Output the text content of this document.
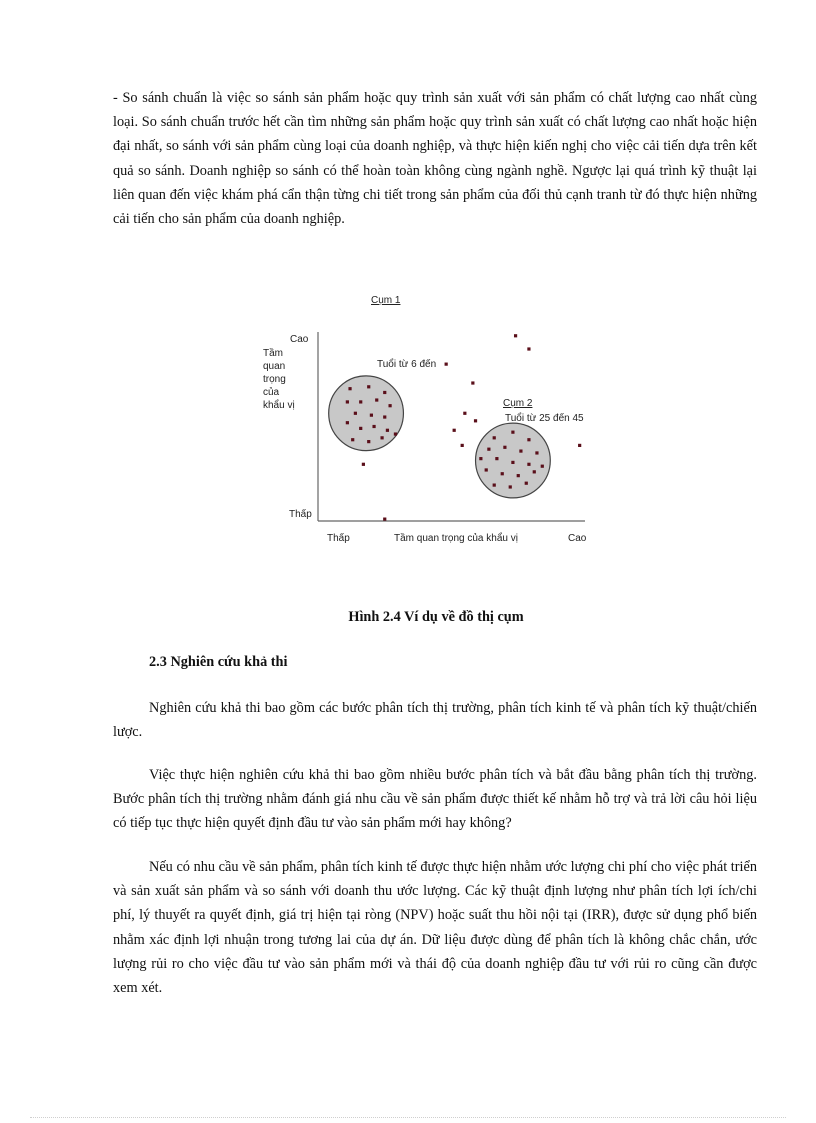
- So sánh chuẩn là việc so sánh sản phẩm hoặc quy trình sản xuất với sản phẩm có chất lượng cao nhất cùng loại. So sánh chuẩn trước hết cần tìm những sản phẩm hoặc quy trình sản xuất có chất lượng cao nhất hoặc hiện đại nhất, so sánh với sản phẩm cùng loại của doanh nghiệp, và thực hiện kiến nghị cho việc cải tiến dựa trên kết quả so sánh. Doanh nghiệp so sánh có thể hoàn toàn không cùng ngành nghề. Ngược lại quá trình kỹ thuật lại liên quan đến việc khám phá cẩn thận từng chi tiết trong sản phẩm của đối thủ cạnh tranh từ đó thực hiện những cải tiến cho sản phẩm của doanh nghiệp.

Cao
Thấp
Thấp	Tầm quan trọng của khẩu vị	Cao
Tầm
quan
trọng
của
khẩu vị
Cụm 1
Tuổi từ 6 đến
Cụm 2
Tuổi từ 25 đến 45

Hình 2.4 Ví dụ về đồ thị cụm

2.3 Nghiên cứu khả thi

Nghiên cứu khả thi bao gồm các bước phân tích thị trường, phân tích kinh tế và phân tích kỹ thuật/chiến lược.

Việc thực hiện nghiên cứu khả thi bao gồm nhiều bước phân tích và bắt đầu bằng phân tích thị trường. Bước phân tích thị trường nhằm đánh giá nhu cầu về sản phẩm được thiết kế nhằm hỗ trợ và trả lời câu hỏi liệu có tiếp tục thực hiện quyết định đầu tư vào sản phẩm mới hay không?

Nếu có nhu cầu về sản phẩm, phân tích kinh tế được thực hiện nhằm ước lượng chi phí cho việc phát triển và sản xuất sản phẩm và so sánh với doanh thu ước lượng. Các kỹ thuật định lượng như phân tích lợi ích/chi phí, lý thuyết ra quyết định, giá trị hiện tại ròng (NPV) hoặc suất thu hồi nội tại (IRR), được sử dụng phổ biến nhằm xác định lợi nhuận trong tương lai của dự án. Dữ liệu được dùng để phân tích là không chắc chắn, ước lượng rủi ro cho việc đầu tư vào sản phẩm mới và thái độ của doanh nghiệp đầu tư với rủi ro cũng cần được xem xét.
